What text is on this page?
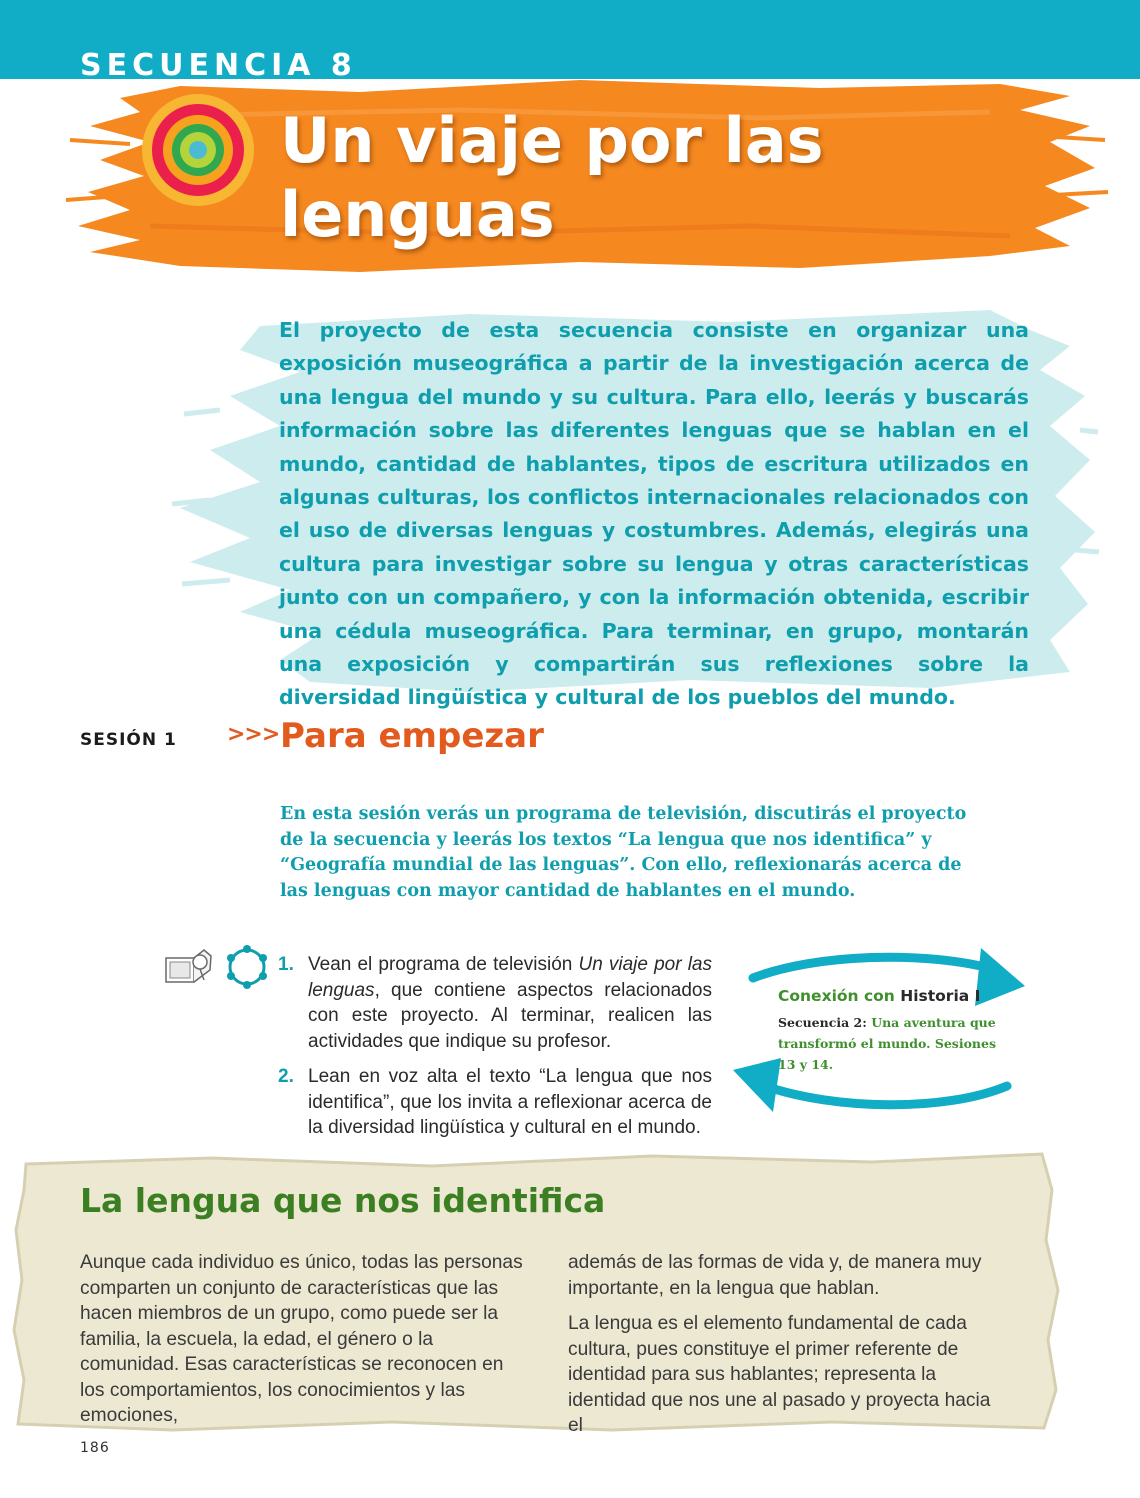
SECUENCIA 8
Un viaje por las lenguas

El proyecto de esta secuencia consiste en organizar una exposición museográfica a partir de la investigación acerca de una lengua del mundo y su cultura. Para ello, leerás y buscarás información sobre las diferentes lenguas que se hablan en el mundo, cantidad de hablantes, tipos de escritura utilizados en algunas culturas, los conflictos internacionales relacionados con el uso de diversas lenguas y costumbres. Además, elegirás una cultura para investigar sobre su lengua y otras características junto con un compañero, y con la información obtenida, escribir una cédula museográfica. Para terminar, en grupo, montarán una exposición y compartirán sus reflexiones sobre la diversidad lingüística y cultural de los pueblos del mundo.

SESIÓN 1 >>> Para empezar

En esta sesión verás un programa de televisión, discutirás el proyecto de la secuencia y leerás los textos “La lengua que nos identifica” y “Geografía mundial de las lenguas”. Con ello, reflexionarás acerca de las lenguas con mayor cantidad de hablantes en el mundo.

1. Vean el programa de televisión Un viaje por las lenguas, que contiene aspectos relacionados con este proyecto. Al terminar, realicen las actividades que indique su profesor.
2. Lean en voz alta el texto “La lengua que nos identifica”, que los invita a reflexionar acerca de la diversidad lingüística y cultural en el mundo.

Conexión con Historia I

Secuencia 2: Una aventura que transformó el mundo. Sesiones 13 y 14.

La lengua que nos identifica

Aunque cada individuo es único, todas las personas comparten un conjunto de características que las hacen miembros de un grupo, como puede ser la familia, la escuela, la edad, el género o la comunidad. Esas características se reconocen en los comportamientos, los conocimientos y las emociones,

además de las formas de vida y, de manera muy importante, en la lengua que hablan.

La lengua es el elemento fundamental de cada cultura, pues constituye el primer referente de identidad para sus hablantes; representa la identidad que nos une al pasado y proyecta hacia el

186
